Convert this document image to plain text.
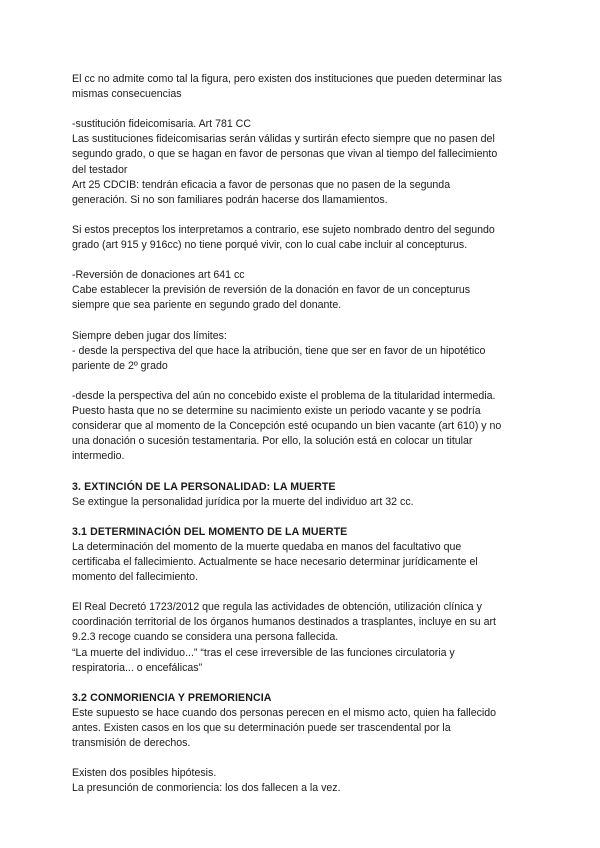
El cc no admite como tal la figura, pero existen dos instituciones que pueden determinar las
mismas consecuencias
-sustitución fideicomisaria. Art 781 CC
Las sustituciones fideicomisarias serán válidas y surtirán efecto siempre que no pasen del
segundo grado, o que se hagan en favor de personas que vivan al tiempo del fallecimiento
del testador
Art 25 CDCIB: tendrán eficacia a favor de personas que no pasen de la segunda
generación. Si no son familiares podrán hacerse dos llamamientos.
Si estos preceptos los interpretamos a contrario, ese sujeto nombrado dentro del segundo
grado (art 915 y 916cc) no tiene porqué vivir, con lo cual cabe incluir al concepturus.
-Reversión de donaciones art 641 cc
Cabe establecer la previsión de reversión de la donación en favor de un concepturus
siempre que sea pariente en segundo grado del donante.
Siempre deben jugar dos límites:
- desde la perspectiva del que hace la atribución, tiene que ser en favor de un hipotético
pariente de 2º grado
-desde la perspectiva del aún no concebido existe el problema de la titularidad intermedia.
Puesto hasta que no se determine su nacimiento existe un periodo vacante y se podría
considerar que al momento de la Concepción esté ocupando un bien vacante (art 610) y no
una donación o sucesión testamentaria. Por ello, la solución está en colocar un titular
intermedio.
3. EXTINCIÓN DE LA PERSONALIDAD: LA MUERTE
Se extingue la personalidad jurídica por la muerte del individuo art 32 cc.
3.1 DETERMINACIÓN DEL MOMENTO DE LA MUERTE
La determinación del momento de la muerte quedaba en manos del facultativo que
certificaba el fallecimiento. Actualmente se hace necesario determinar jurídicamente el
momento del fallecimiento.
El Real Decretó 1723/2012 que regula las actividades de obtención, utilización clínica y
coordinación territorial de los órganos humanos destinados a trasplantes, incluye en su art
9.2.3 recoge cuando se considera una persona fallecida.
“La muerte del individuo...” “tras el cese irreversible de las funciones circulatoria y
respiratoria... o encefálicas”
3.2 CONMORIENCIA Y PREMORIENCIA
Este supuesto se hace cuando dos personas perecen en el mismo acto, quien ha fallecido
antes. Existen casos en los que su determinación puede ser trascendental por la
transmisión de derechos.
Existen dos posibles hipótesis.
La presunción de conmoriencia: los dos fallecen a la vez.
